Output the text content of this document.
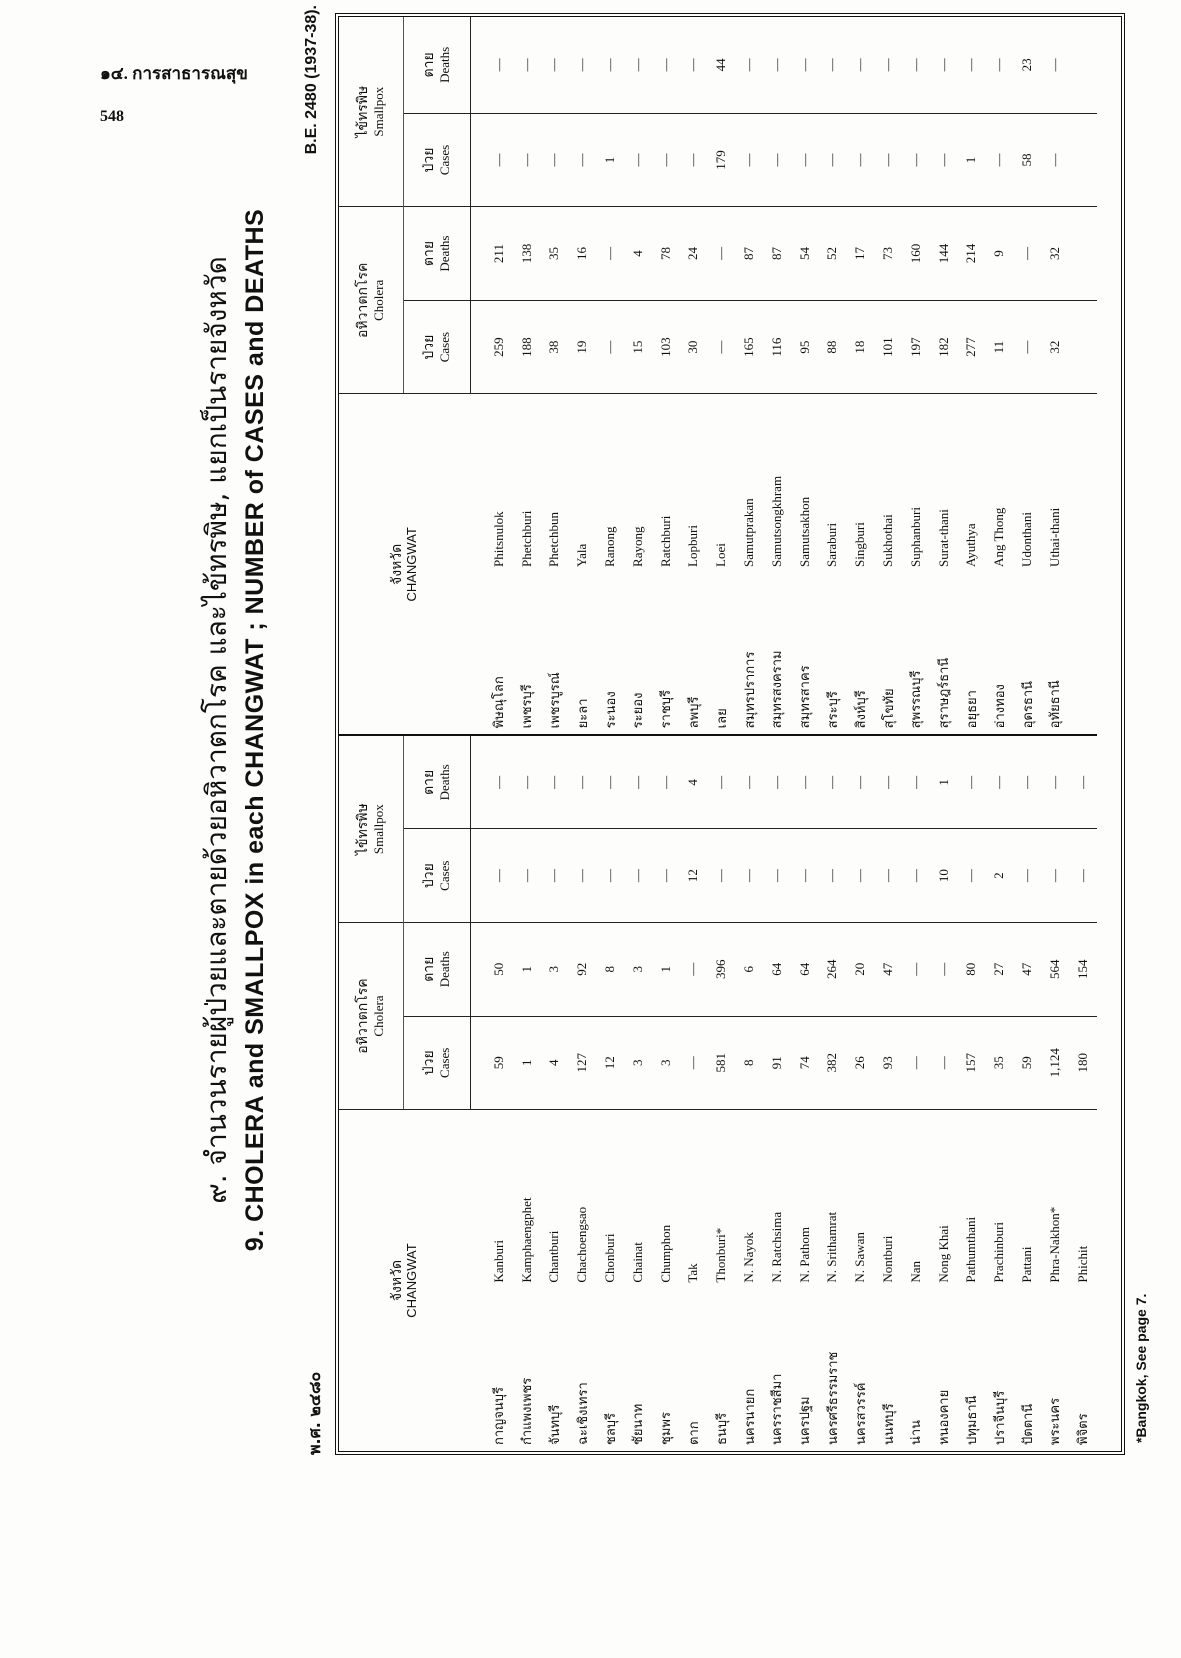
๑๔. การสาธารณสุข
548
๙. จำนวนรายผู้ป่วยและตายด้วยอหิวาตกโรค และไข้ทรพิษ, แยกเป็นรายจังหวัด 9. CHOLERA and SMALLPOX in each CHANGWAT ; NUMBER of CASES and DEATHS
พ.ศ. ๒๔๘๐
B.E. 2480 (1937-38).
จังหวัด CHANGWAT		อหิวาตกโรค Cholera		ไข้ทรพิษ Smallpox		จังหวัด CHANGWAT		อหิวาตกโรค Cholera		ไข้ทรพิษ Smallpox	

		ป่วย Cases	ตาย Deaths	ป่วย Cases	ตาย Deaths			ป่วย Cases	ตาย Deaths	ป่วย Cases	ตาย Deaths

กาญจนบุรี	Kanburi	59	50	—	—	พิษณุโลก	Phitsnulok	259	211	—	—
กำแพงเพชร	Kamphaengphet	1	1	—	—	เพชรบุรี	Phetchburi	188	138	—	—
จันทบุรี	Chantburi	4	3	—	—	เพชรบูรณ์	Phetchbun	38	35	—	—
ฉะเชิงเทรา	Chachoengsao	127	92	—	—	ยะลา	Yala	19	16	—	—
ชลบุรี	Chonburi	12	8	—	—	ระนอง	Ranong	—	—	1	—
ชัยนาท	Chainat	3	3	—	—	ระยอง	Rayong	15	4	—	—
ชุมพร	Chumphon	3	1	—	—	ราชบุรี	Ratchburi	103	78	—	—
ตาก	Tak	—	—	12	4	ลพบุรี	Lopburi	30	24	—	—
ธนบุรี	Thonburi*	581	396	—	—	เลย	Loei	—	—	179	44
นครนายก	N. Nayok	8	6	—	—	สมุทรปราการ	Samutprakan	165	87	—	—
นครราชสีมา	N. Ratchsima	91	64	—	—	สมุทรสงคราม	Samutsongkhram	116	87	—	—
นครปฐม	N. Pathom	74	64	—	—	สมุทรสาคร	Samutsakhon	95	54	—	—
นครศรีธรรมราช	N. Srithamrat	382	264	—	—	สระบุรี	Saraburi	88	52	—	—
นครสวรรค์	N. Sawan	26	20	—	—	สิงห์บุรี	Singburi	18	17	—	—
นนทบุรี	Nontburi	93	47	—	—	สุโขทัย	Sukhothai	101	73	—	—
น่าน	Nan	—	—	—	—	สุพรรณบุรี	Suphanburi	197	160	—	—
หนองคาย	Nong Khai	—	—	10	1	สุราษฎร์ธานี	Surat-thani	182	144	—	—
ปทุมธานี	Pathumthani	157	80	—	—	อยุธยา	Ayuthya	277	214	1	—
ปราจีนบุรี	Prachinburi	35	27	2	—	อ่างทอง	Ang Thong	11	9	—	—
ปัตตานี	Pattani	59	47	—	—	อุดรธานี	Udonthani	—	—	58	23
พระนคร	Phra-Nakhon*	1,124	564	—	—	อุทัยธานี	Uthai-thani	32	32	—	—
พิจิตร	Phichit	180	154	—	—						
*Bangkok, See page 7.
